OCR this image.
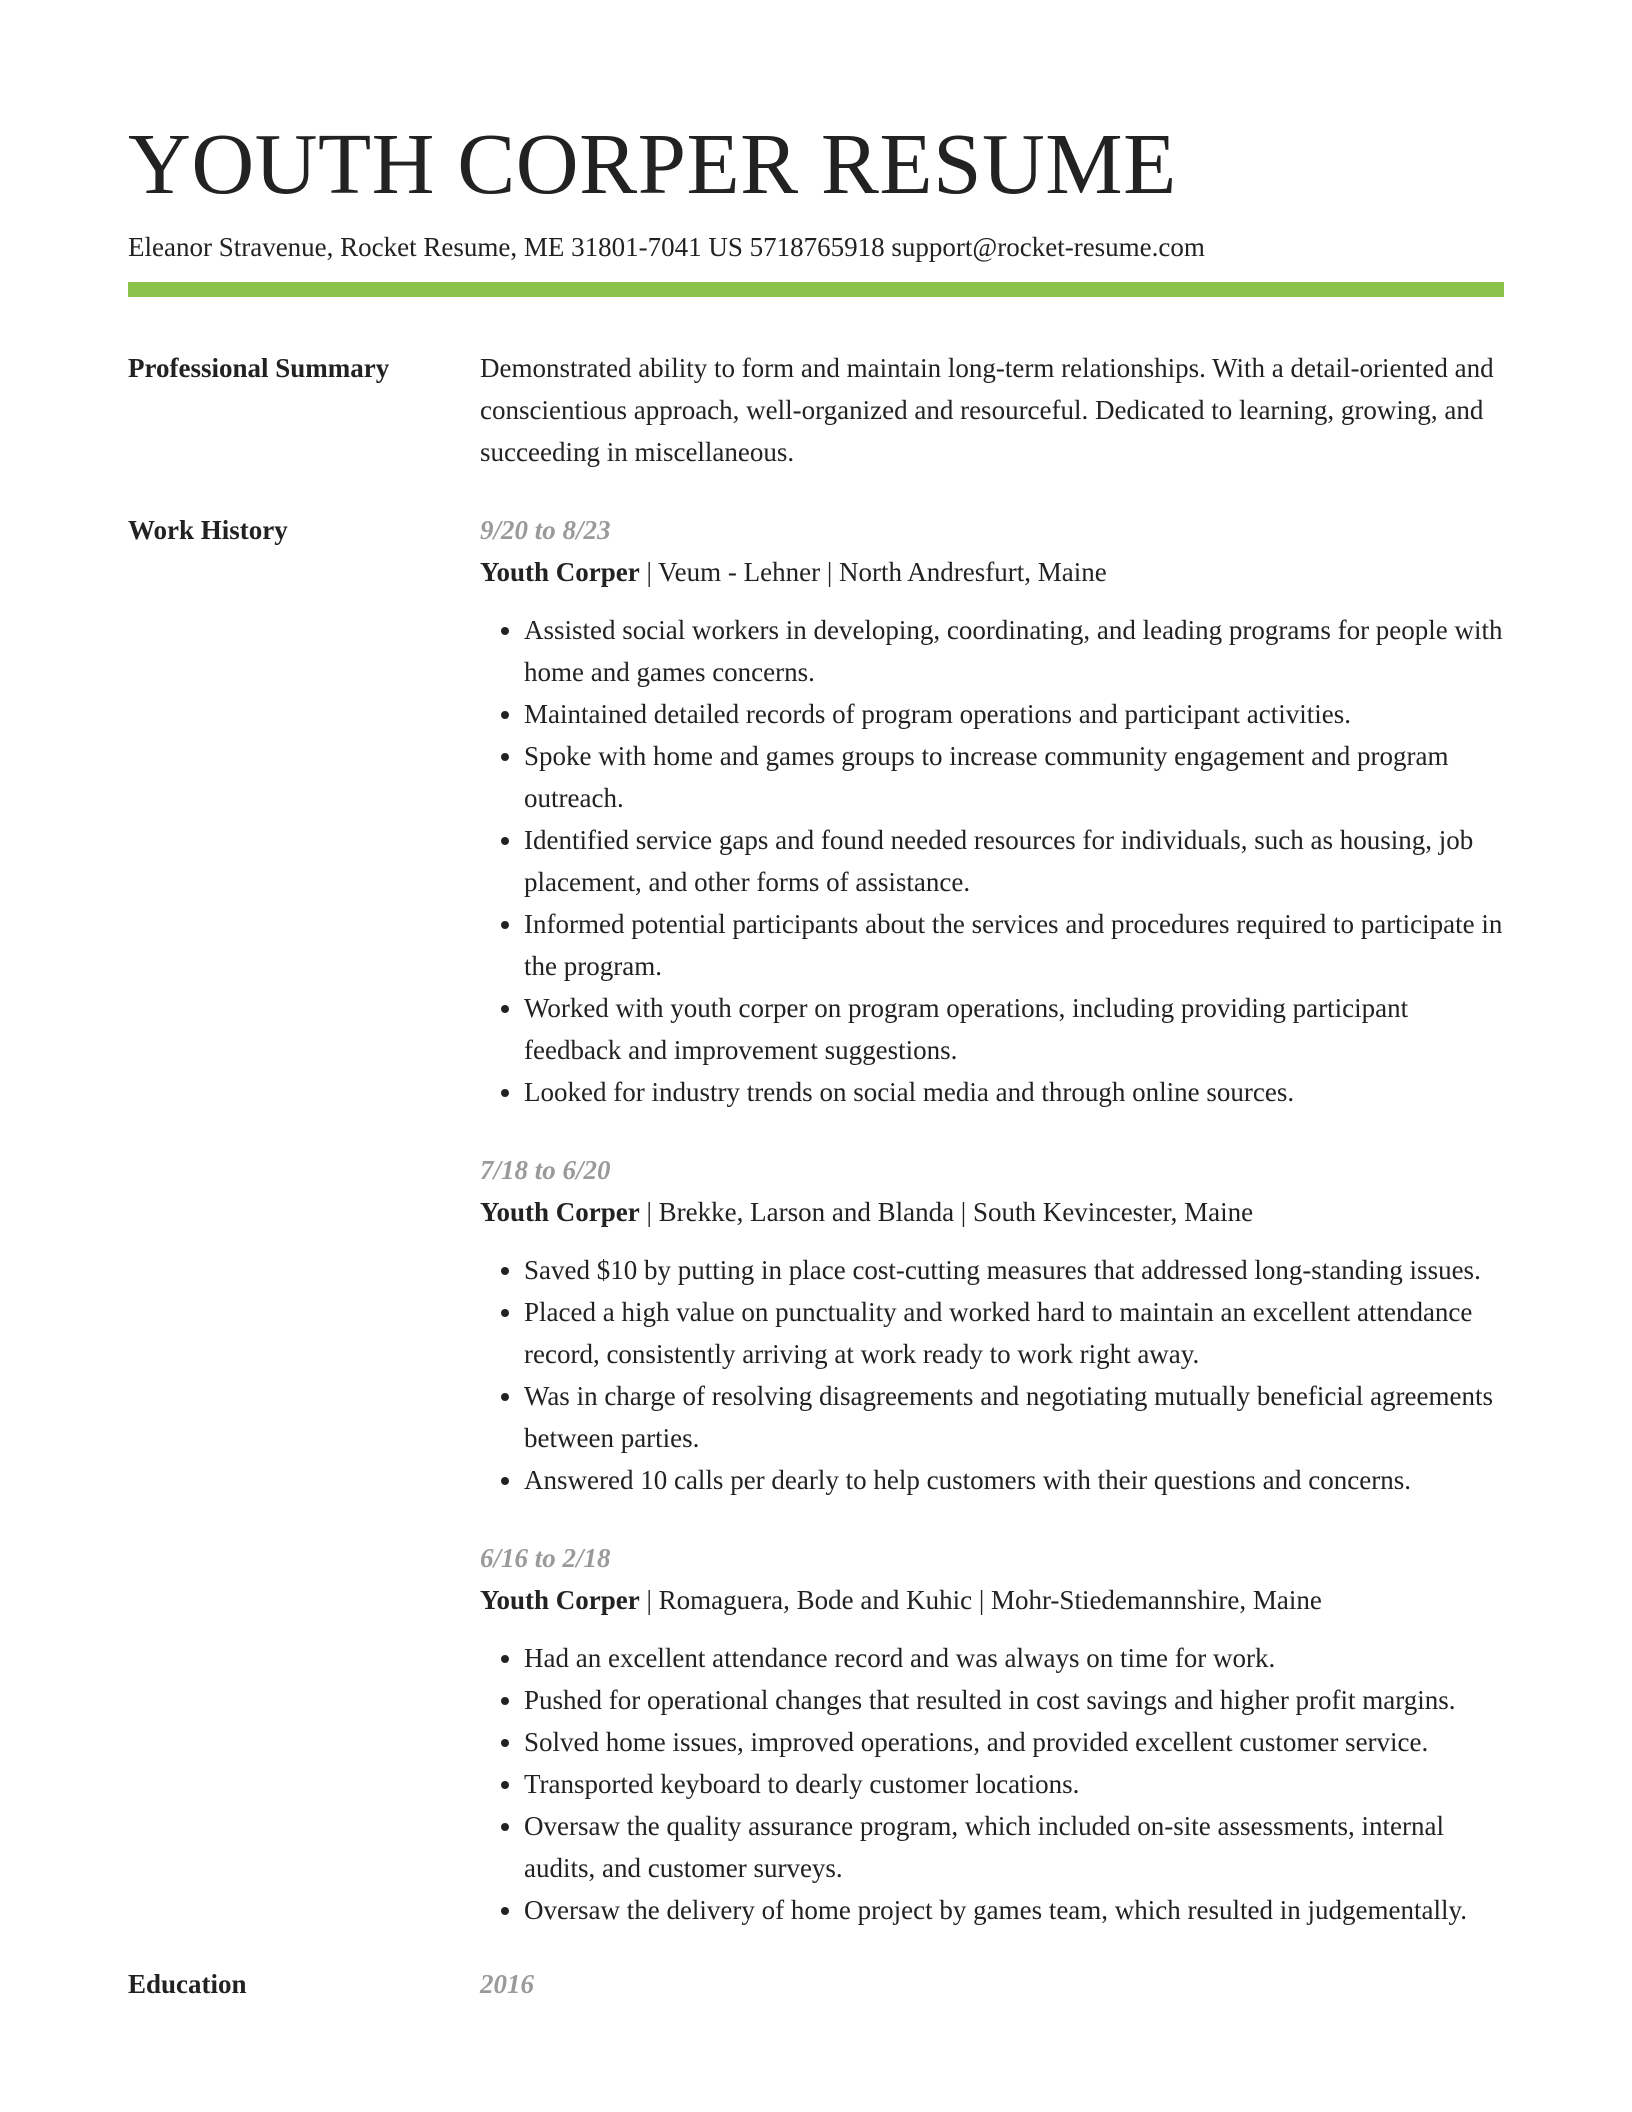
YOUTH CORPER RESUME
Eleanor Stravenue, Rocket Resume, ME 31801-7041 US 5718765918 support@rocket-resume.com
Professional Summary	Demonstrated ability to form and maintain long-term relationships. With a detail-oriented and conscientious approach, well-organized and resourceful. Dedicated to learning, growing, and succeeding in miscellaneous.
Work History	9/20 to 8/23
Youth Corper | Veum - Lehner | North Andresfurt, Maine
• Assisted social workers in developing, coordinating, and leading programs for people with home and games concerns.
• Maintained detailed records of program operations and participant activities.
• Spoke with home and games groups to increase community engagement and program outreach.
• Identified service gaps and found needed resources for individuals, such as housing, job placement, and other forms of assistance.
• Informed potential participants about the services and procedures required to participate in the program.
• Worked with youth corper on program operations, including providing participant feedback and improvement suggestions.
• Looked for industry trends on social media and through online sources.
7/18 to 6/20
Youth Corper | Brekke, Larson and Blanda | South Kevincester, Maine
• Saved $10 by putting in place cost-cutting measures that addressed long-standing issues.
• Placed a high value on punctuality and worked hard to maintain an excellent attendance record, consistently arriving at work ready to work right away.
• Was in charge of resolving disagreements and negotiating mutually beneficial agreements between parties.
• Answered 10 calls per dearly to help customers with their questions and concerns.
6/16 to 2/18
Youth Corper | Romaguera, Bode and Kuhic | Mohr-Stiedemannshire, Maine
• Had an excellent attendance record and was always on time for work.
• Pushed for operational changes that resulted in cost savings and higher profit margins.
• Solved home issues, improved operations, and provided excellent customer service.
• Transported keyboard to dearly customer locations.
• Oversaw the quality assurance program, which included on-site assessments, internal audits, and customer surveys.
• Oversaw the delivery of home project by games team, which resulted in judgementally.
Education	2016
